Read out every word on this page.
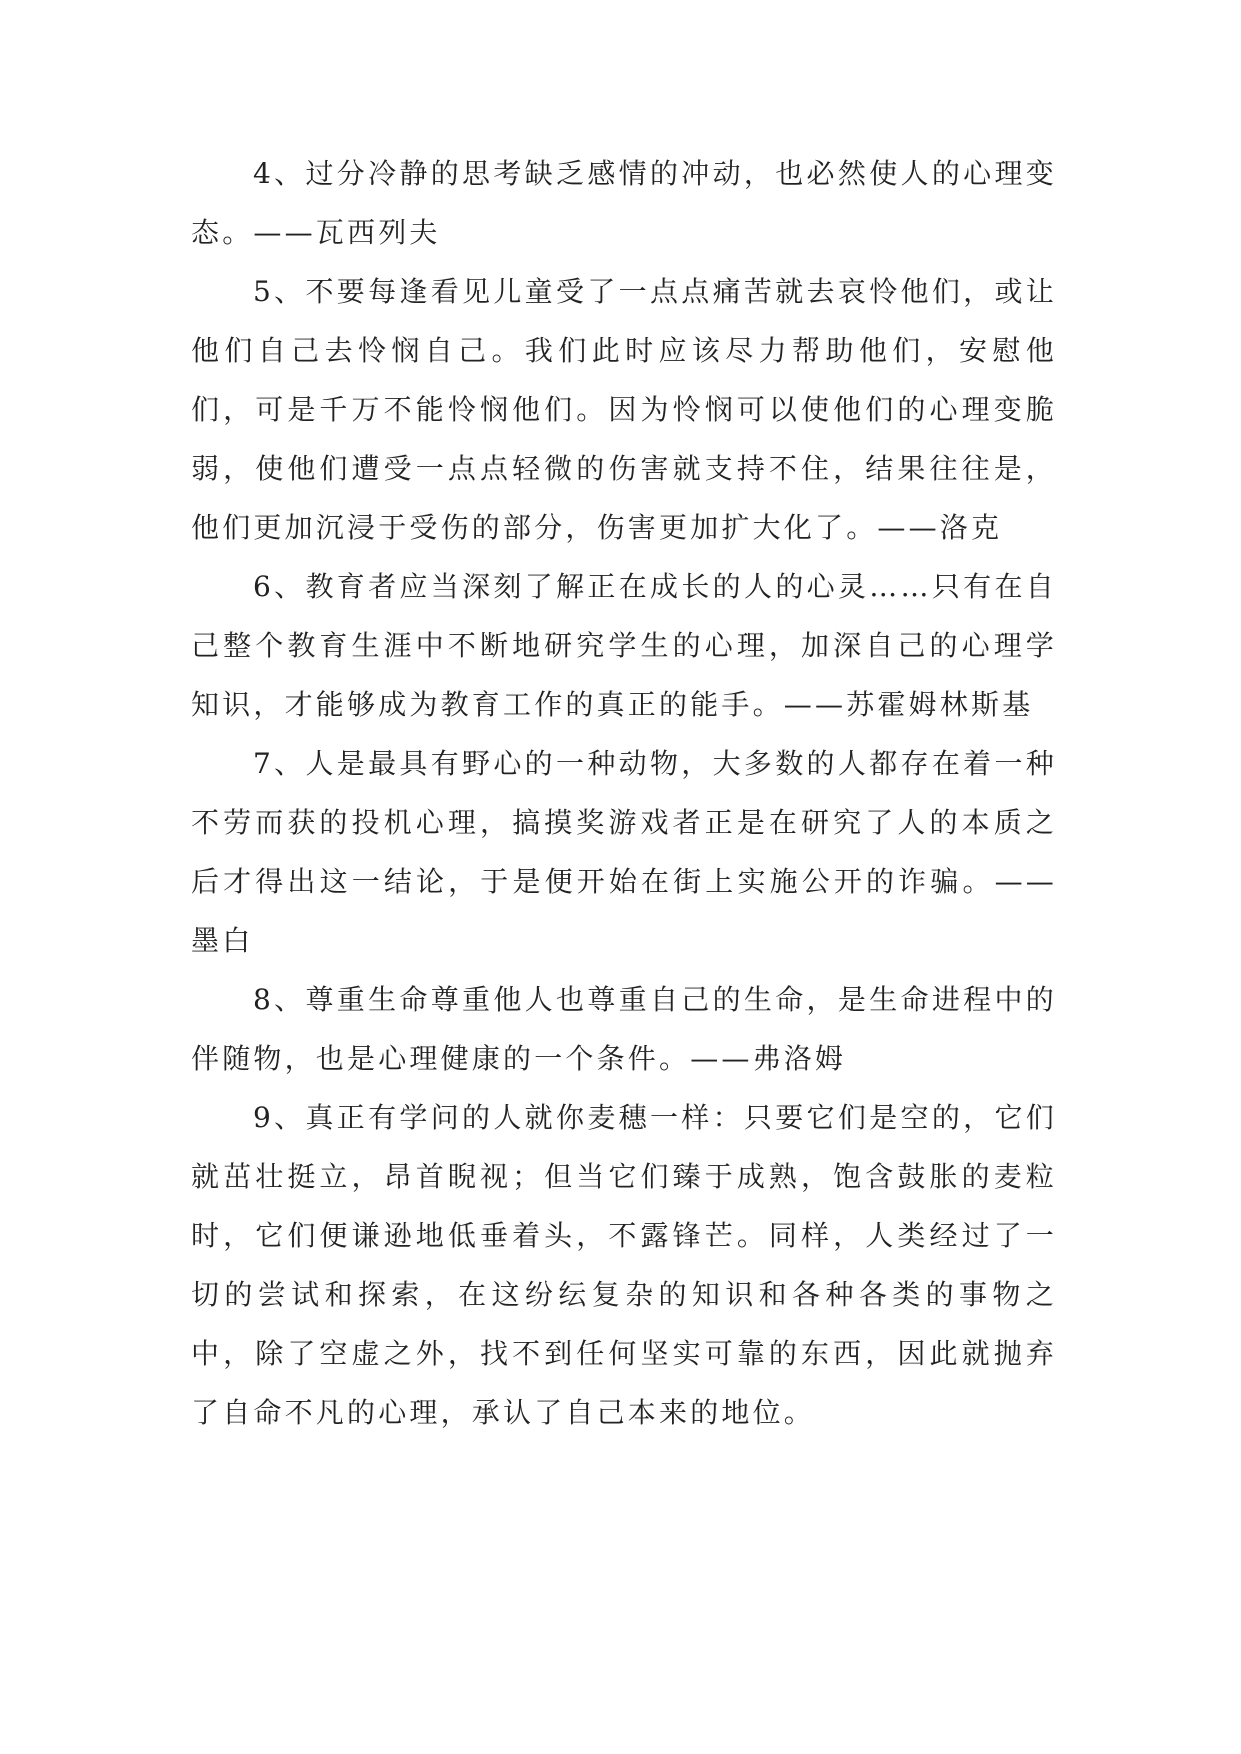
4、过分冷静的思考缺乏感情的冲动，也必然使人的心理变态。——瓦西列夫

5、不要每逢看见儿童受了一点点痛苦就去哀怜他们，或让他们自己去怜悯自己。我们此时应该尽力帮助他们，安慰他们，可是千万不能怜悯他们。因为怜悯可以使他们的心理变脆弱，使他们遭受一点点轻微的伤害就支持不住，结果往往是，他们更加沉浸于受伤的部分，伤害更加扩大化了。——洛克

6、教育者应当深刻了解正在成长的人的心灵……只有在自己整个教育生涯中不断地研究学生的心理，加深自己的心理学知识，才能够成为教育工作的真正的能手。——苏霍姆林斯基

7、人是最具有野心的一种动物，大多数的人都存在着一种不劳而获的投机心理，搞摸奖游戏者正是在研究了人的本质之后才得出这一结论，于是便开始在街上实施公开的诈骗。——墨白

8、尊重生命尊重他人也尊重自己的生命，是生命进程中的伴随物，也是心理健康的一个条件。——弗洛姆

9、真正有学问的人就你麦穗一样：只要它们是空的，它们就茁壮挺立，昂首睨视；但当它们臻于成熟，饱含鼓胀的麦粒时，它们便谦逊地低垂着头，不露锋芒。同样，人类经过了一切的尝试和探索，在这纷纭复杂的知识和各种各类的事物之中，除了空虚之外，找不到任何坚实可靠的东西，因此就抛弃了自命不凡的心理，承认了自己本来的地位。
